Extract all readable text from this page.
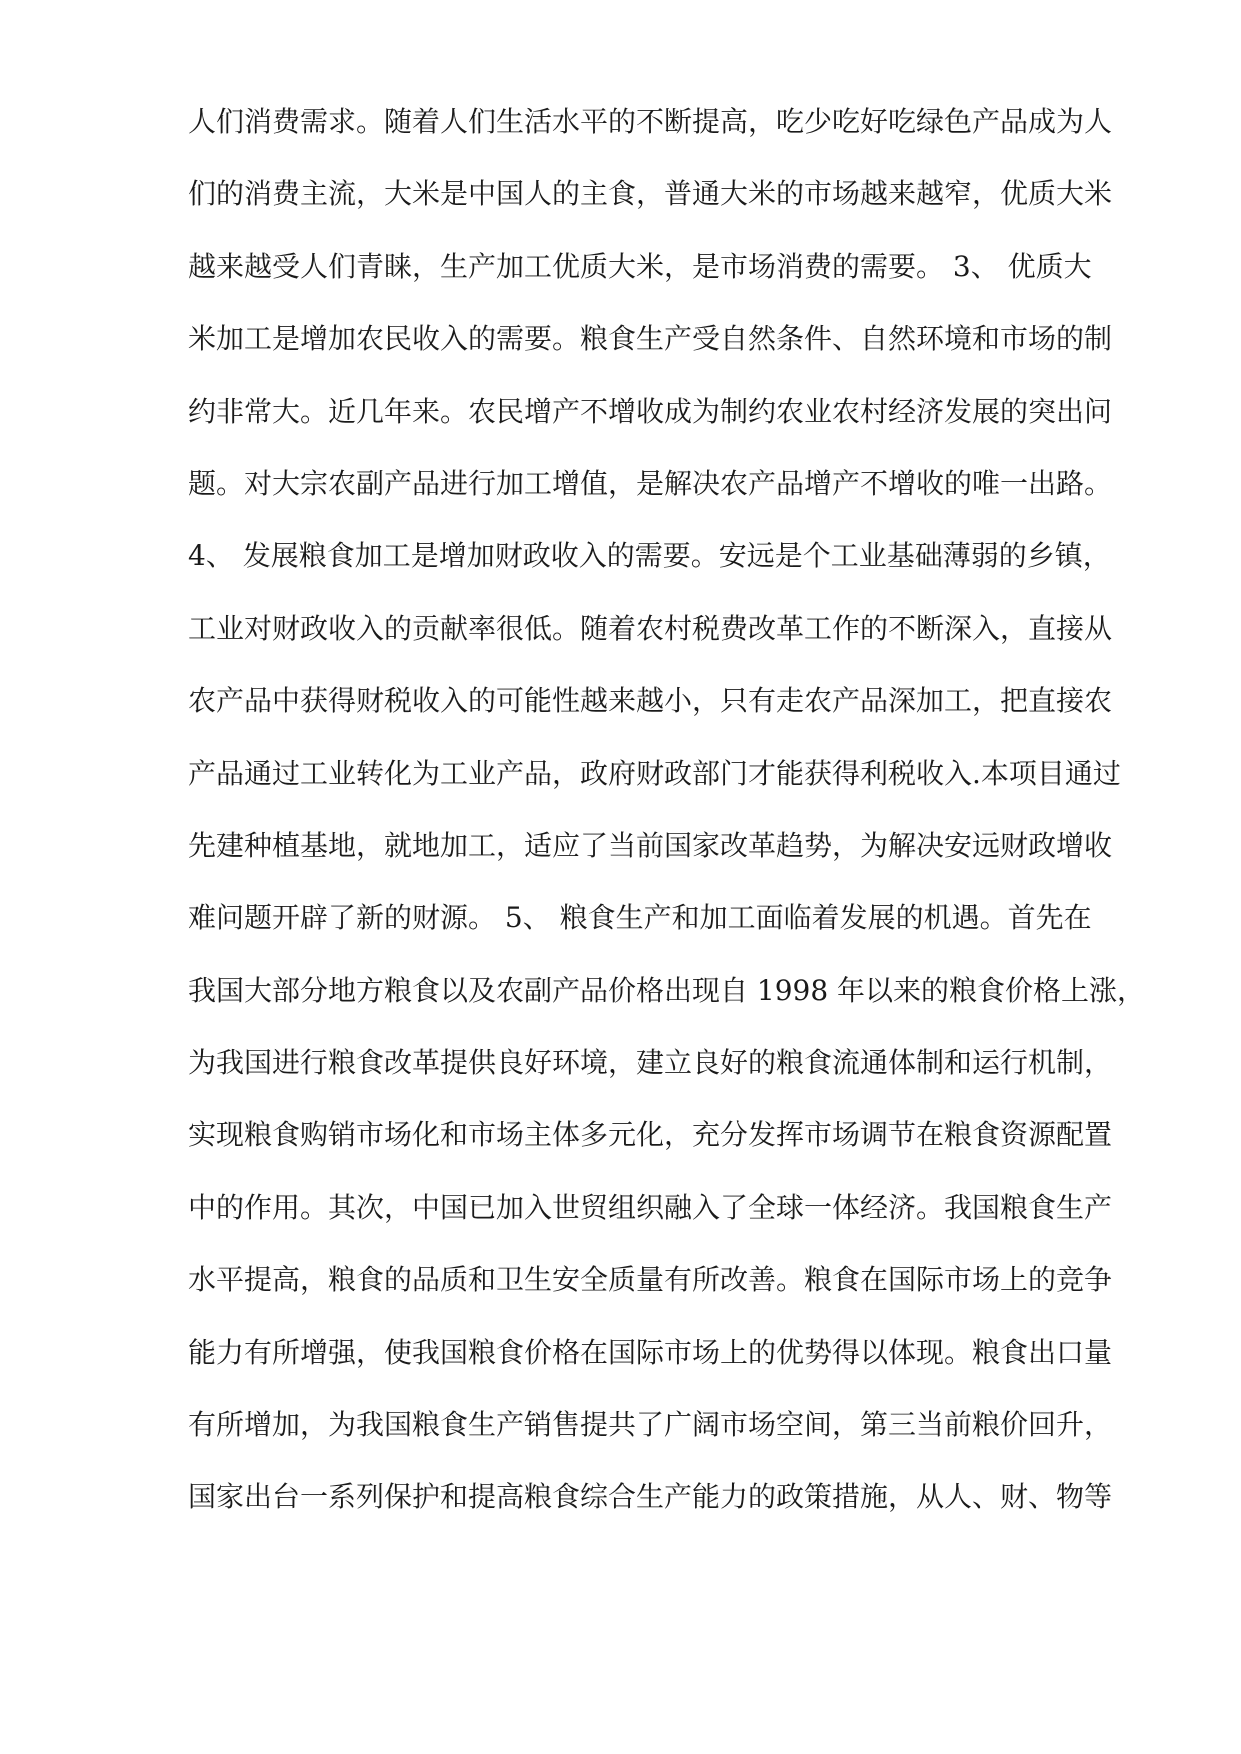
人们消费需求。随着人们生活水平的不断提高，吃少吃好吃绿色产品成为人
们的消费主流，大米是中国人的主食，普通大米的市场越来越窄，优质大米
越来越受人们青睐，生产加工优质大米，是市场消费的需要。 3、 优质大
米加工是增加农民收入的需要。粮食生产受自然条件、自然环境和市场的制
约非常大。近几年来。农民增产不增收成为制约农业农村经济发展的突出问
题。对大宗农副产品进行加工增值，是解决农产品增产不增收的唯一出路。
4、 发展粮食加工是增加财政收入的需要。安远是个工业基础薄弱的乡镇，
工业对财政收入的贡献率很低。随着农村税费改革工作的不断深入，直接从
农产品中获得财税收入的可能性越来越小，只有走农产品深加工，把直接农
产品通过工业转化为工业产品，政府财政部门才能获得利税收入.本项目通过
先建种植基地，就地加工，适应了当前国家改革趋势，为解决安远财政增收
难问题开辟了新的财源。 5、 粮食生产和加工面临着发展的机遇。首先在
我国大部分地方粮食以及农副产品价格出现自 1998 年以来的粮食价格上涨，
为我国进行粮食改革提供良好环境，建立良好的粮食流通体制和运行机制，
实现粮食购销市场化和市场主体多元化，充分发挥市场调节在粮食资源配置
中的作用。其次，中国已加入世贸组织融入了全球一体经济。我国粮食生产
水平提高，粮食的品质和卫生安全质量有所改善。粮食在国际市场上的竞争
能力有所增强，使我国粮食价格在国际市场上的优势得以体现。粮食出口量
有所增加，为我国粮食生产销售提共了广阔市场空间，第三当前粮价回升，
国家出台一系列保护和提高粮食综合生产能力的政策措施，从人、财、物等
